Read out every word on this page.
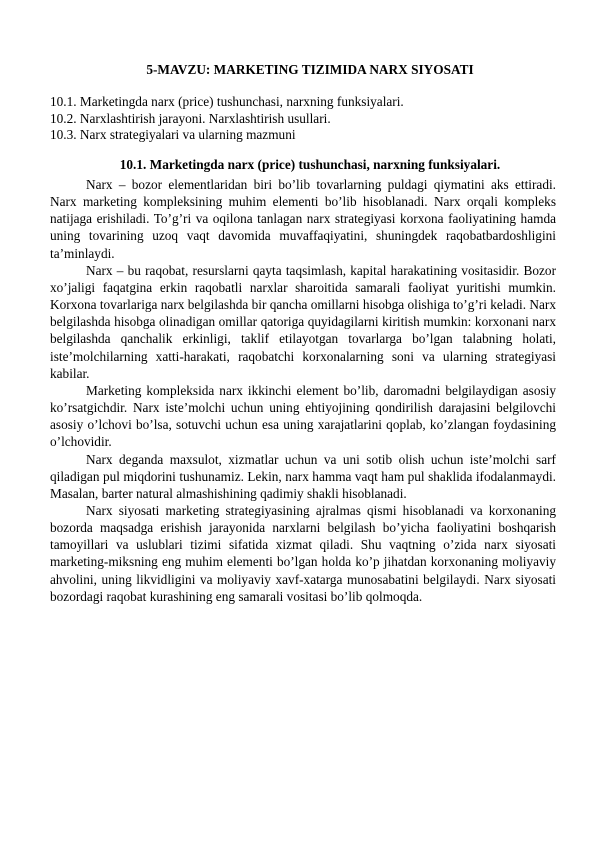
5-MAVZU: MARKETING TIZIMIDA NARX SIYOSATI
10.1. Marketingda narx (price) tushunchasi, narxning funksiyalari.
10.2. Narxlashtirish jarayoni. Narxlashtirish usullari.
10.3. Narx strategiyalari va ularning mazmuni
10.1. Marketingda narx (price) tushunchasi, narxning funksiyalari.

Narx – bozor elementlaridan biri bo’lib tovarlarning puldagi qiymatini aks ettiradi. Narx marketing kompleksining muhim elementi bo’lib hisoblanadi. Narx orqali kompleks natijaga erishiladi. To’g’ri va oqilona tanlagan narx strategiyasi korxona faoliyatining hamda uning tovarining uzoq vaqt davomida muvaffaqiyatini, shuningdek raqobatbardoshligini ta’minlaydi.

Narx – bu raqobat, resurslarni qayta taqsimlash, kapital harakatining vositasidir. Bozor xo’jaligi faqatgina erkin raqobatli narxlar sharoitida samarali faoliyat yuritishi mumkin. Korxona tovarlariga narx belgilashda bir qancha omillarni hisobga olishiga to’g’ri keladi. Narx belgilashda hisobga olinadigan omillar qatoriga quyidagilarni kiritish mumkin: korxonani narx belgilashda qanchalik erkinligi, taklif etilayotgan tovarlarga bo’lgan talabning holati, iste’molchilarning xatti-harakati, raqobatchi korxonalarning soni va ularning strategiyasi kabilar.

Marketing kompleksida narx ikkinchi element bo’lib, daromadni belgilaydigan asosiy ko’rsatgichdir. Narx iste’molchi uchun uning ehtiyojining qondirilish darajasini belgilovchi asosiy o’lchovi bo’lsa, sotuvchi uchun esa uning xarajatlarini qoplab, ko’zlangan foydasining o’lchovidir.

Narx deganda maxsulot, xizmatlar uchun va uni sotib olish uchun iste’molchi sarf qiladigan pul miqdorini tushunamiz. Lekin, narx hamma vaqt ham pul shaklida ifodalanmaydi. Masalan, barter natural almashishining qadimiy shakli hisoblanadi.

Narx siyosati marketing strategiyasining ajralmas qismi hisoblanadi va korxonaning bozorda maqsadga erishish jarayonida narxlarni belgilash bo’yicha faoliyatini boshqarish tamoyillari va uslublari tizimi sifatida xizmat qiladi. Shu vaqtning o’zida narx siyosati marketing-miksning eng muhim elementi bo’lgan holda ko’p jihatdan korxonaning moliyaviy ahvolini, uning likvidligini va moliyaviy xavf-xatarga munosabatini belgilaydi. Narx siyosati bozordagi raqobat kurashining eng samarali vositasi bo’lib qolmoqda.
